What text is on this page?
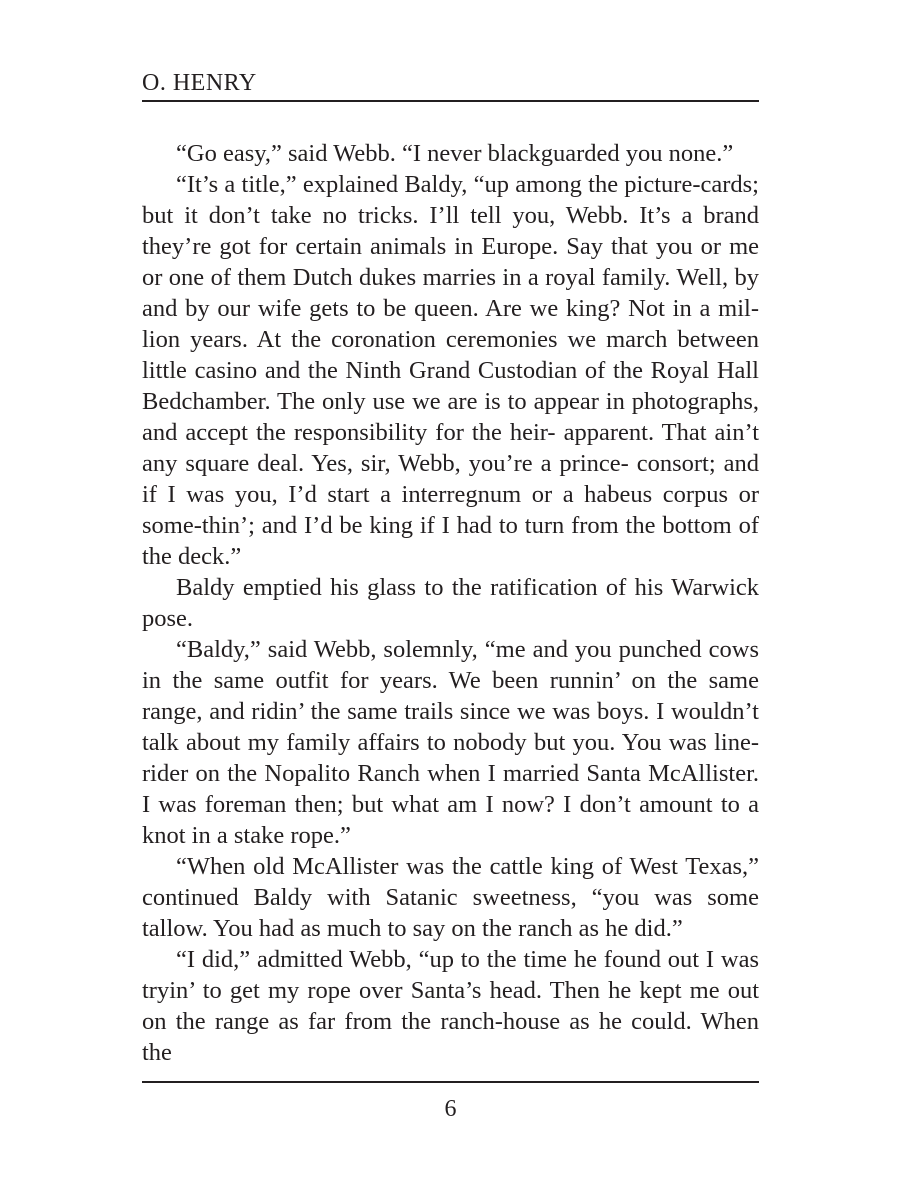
O. HENRY

“Go easy,” said Webb. “I never blackguarded you none.”

“It’s a title,” explained Baldy, “up among the picture-cards; but it don’t take no tricks. I’ll tell you, Webb. It’s a brand they’re got for certain animals in Europe. Say that you or me or one of them Dutch dukes marries in a royal family. Well, by and by our wife gets to be queen. Are we king? Not in a mil-lion years. At the coronation ceremonies we march between little casino and the Ninth Grand Custodian of the Royal Hall Bedchamber. The only use we are is to appear in photographs, and accept the responsibility for the heir- apparent. That ain’t any square deal. Yes, sir, Webb, you’re a prince- consort; and if I was you, I’d start a interregnum or a habeus corpus or some-thin’; and I’d be king if I had to turn from the bottom of the deck.”

Baldy emptied his glass to the ratification of his Warwick pose.

“Baldy,” said Webb, solemnly, “me and you punched cows in the same outfit for years. We been runnin’ on the same range, and ridin’ the same trails since we was boys. I wouldn’t talk about my family affairs to nobody but you. You was line-rider on the Nopalito Ranch when I married Santa McAllister. I was foreman then; but what am I now? I don’t amount to a knot in a stake rope.”

“When old McAllister was the cattle king of West Texas,” continued Baldy with Satanic sweetness, “you was some tallow. You had as much to say on the ranch as he did.”

“I did,” admitted Webb, “up to the time he found out I was tryin’ to get my rope over Santa’s head. Then he kept me out on the range as far from the ranch-house as he could. When the

6
